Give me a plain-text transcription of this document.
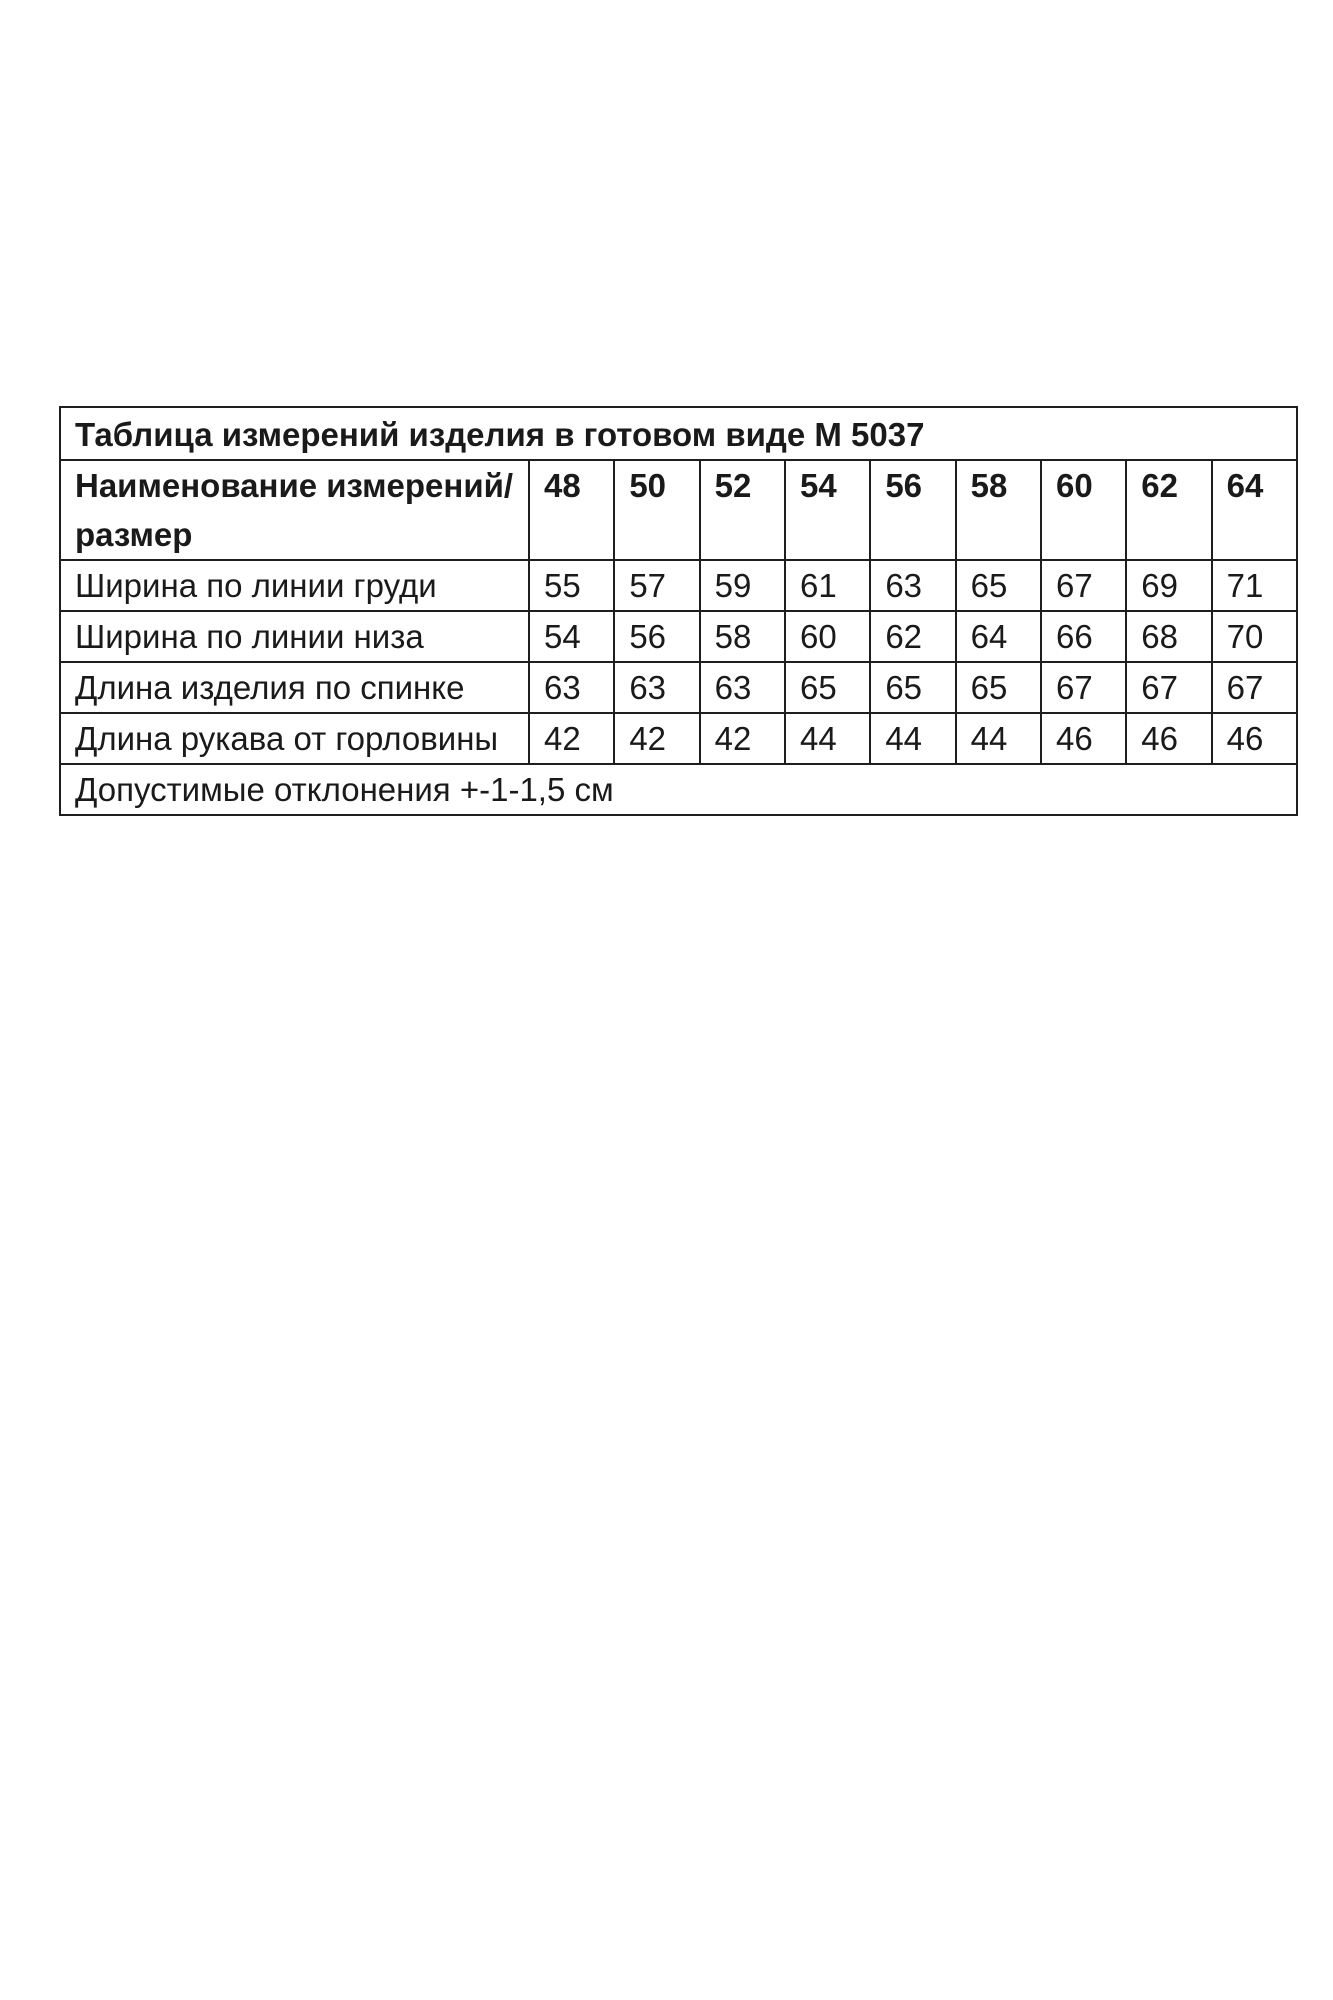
Таблица измерений изделия в готовом виде М 5037									
Наименование измерений/размер	48	50	52	54	56	58	60	62	64
Ширина по линии груди	55	57	59	61	63	65	67	69	71
Ширина по линии низа	54	56	58	60	62	64	66	68	70
Длина изделия по спинке	63	63	63	65	65	65	67	67	67
Длина рукава от горловины	42	42	42	44	44	44	46	46	46
Допустимые отклонения +-1-1,5 см									
